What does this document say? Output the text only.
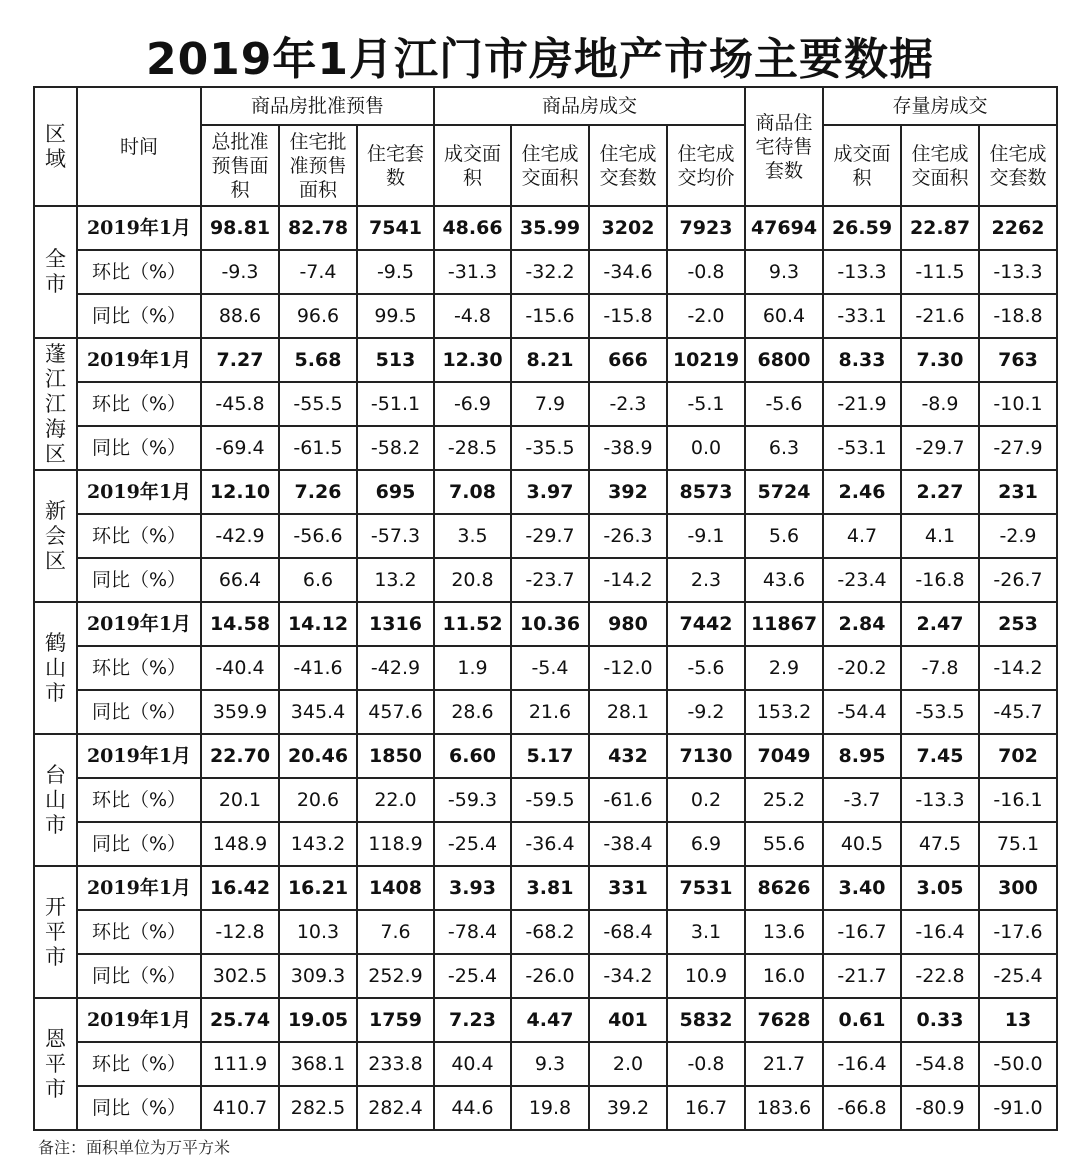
2019年1月江门市房地产市场主要数据
区域	时间	商品房批准预售			商品房成交				商品住宅待售套数	存量房成交		
		总批准预售面积	住宅批准预售面积	住宅套数	成交面积	住宅成交面积	住宅成交套数	住宅成交均价		成交面积	住宅成交面积	住宅成交套数
全市	2019年1月	98.81	82.78	7541	48.66	35.99	3202	7923	47694	26.59	22.87	2262
	环比（%）	-9.3	-7.4	-9.5	-31.3	-32.2	-34.6	-0.8	9.3	-13.3	-11.5	-13.3
	同比（%）	88.6	96.6	99.5	-4.8	-15.6	-15.8	-2.0	60.4	-33.1	-21.6	-18.8
蓬江江海区	2019年1月	7.27	5.68	513	12.30	8.21	666	10219	6800	8.33	7.30	763
	环比（%）	-45.8	-55.5	-51.1	-6.9	7.9	-2.3	-5.1	-5.6	-21.9	-8.9	-10.1
	同比（%）	-69.4	-61.5	-58.2	-28.5	-35.5	-38.9	0.0	6.3	-53.1	-29.7	-27.9
新会区	2019年1月	12.10	7.26	695	7.08	3.97	392	8573	5724	2.46	2.27	231
	环比（%）	-42.9	-56.6	-57.3	3.5	-29.7	-26.3	-9.1	5.6	4.7	4.1	-2.9
	同比（%）	66.4	6.6	13.2	20.8	-23.7	-14.2	2.3	43.6	-23.4	-16.8	-26.7
鹤山市	2019年1月	14.58	14.12	1316	11.52	10.36	980	7442	11867	2.84	2.47	253
	环比（%）	-40.4	-41.6	-42.9	1.9	-5.4	-12.0	-5.6	2.9	-20.2	-7.8	-14.2
	同比（%）	359.9	345.4	457.6	28.6	21.6	28.1	-9.2	153.2	-54.4	-53.5	-45.7
台山市	2019年1月	22.70	20.46	1850	6.60	5.17	432	7130	7049	8.95	7.45	702
	环比（%）	20.1	20.6	22.0	-59.3	-59.5	-61.6	0.2	25.2	-3.7	-13.3	-16.1
	同比（%）	148.9	143.2	118.9	-25.4	-36.4	-38.4	6.9	55.6	40.5	47.5	75.1
开平市	2019年1月	16.42	16.21	1408	3.93	3.81	331	7531	8626	3.40	3.05	300
	环比（%）	-12.8	10.3	7.6	-78.4	-68.2	-68.4	3.1	13.6	-16.7	-16.4	-17.6
	同比（%）	302.5	309.3	252.9	-25.4	-26.0	-34.2	10.9	16.0	-21.7	-22.8	-25.4
恩平市	2019年1月	25.74	19.05	1759	7.23	4.47	401	5832	7628	0.61	0.33	13
	环比（%）	111.9	368.1	233.8	40.4	9.3	2.0	-0.8	21.7	-16.4	-54.8	-50.0
	同比（%）	410.7	282.5	282.4	44.6	19.8	39.2	16.7	183.6	-66.8	-80.9	-91.0
备注：面积单位为万平方米
